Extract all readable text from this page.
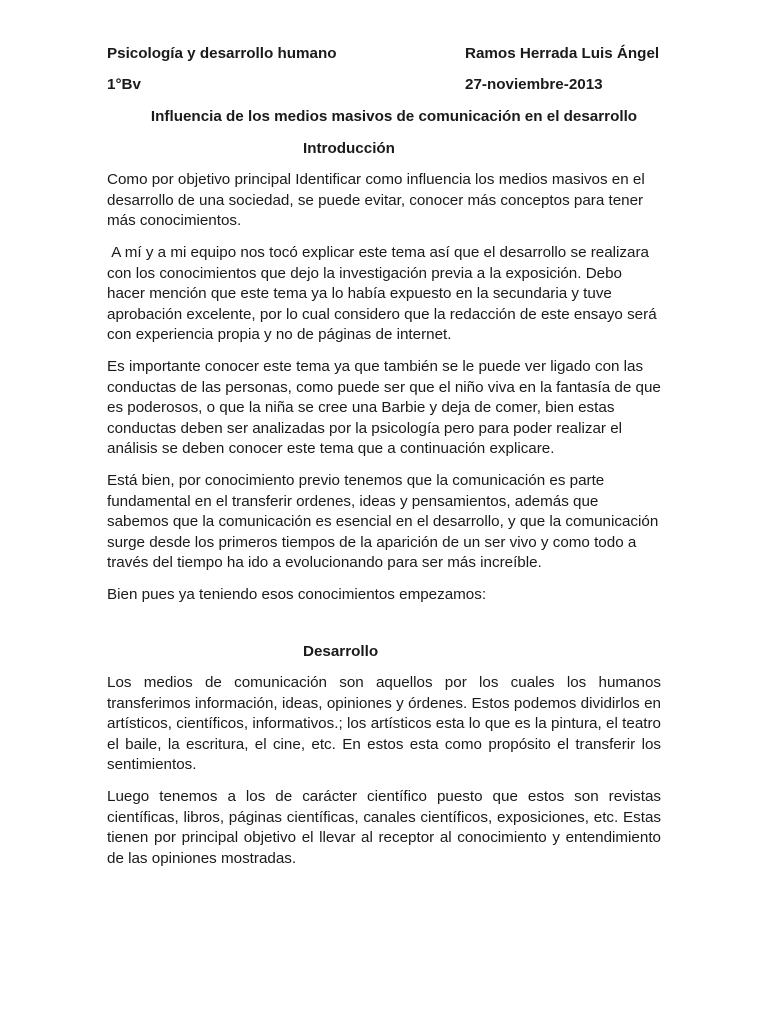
Psicología y desarrollo humano	Ramos Herrada Luis Ángel
1°Bv	27-noviembre-2013
Influencia de los medios masivos de comunicación en el desarrollo
Introducción

Como por objetivo principal Identificar como influencia los medios masivos en el desarrollo de una sociedad, se puede evitar, conocer más conceptos para tener más conocimientos.

A mí y a mi equipo nos tocó explicar este tema así que el desarrollo se realizara con los conocimientos que dejo la investigación previa a la exposición. Debo hacer mención que este tema ya lo había expuesto en la secundaria y tuve aprobación excelente, por lo cual considero que la redacción de este ensayo será con experiencia propia y no de páginas de internet.

Es importante conocer este tema ya que también se le puede ver ligado con las conductas de las personas, como puede ser que el niño viva en la fantasía de que es poderosos, o que la niña se cree una Barbie y deja de comer, bien estas conductas deben ser analizadas por la psicología pero para poder realizar el análisis se deben conocer este tema que a continuación explicare.

Está bien, por conocimiento previo tenemos que la comunicación es parte fundamental en el transferir ordenes, ideas y pensamientos, además que sabemos que la comunicación es esencial en el desarrollo, y que la comunicación surge desde los primeros tiempos de la aparición de un ser vivo y como todo a través del tiempo ha ido a evolucionando para ser más increíble.

Bien pues ya teniendo esos conocimientos empezamos:

Desarrollo

Los medios de comunicación son aquellos por los cuales los humanos transferimos información, ideas, opiniones y órdenes. Estos podemos dividirlos en artísticos, científicos, informativos.; los artísticos esta lo que es la pintura, el teatro el baile, la escritura, el cine, etc. En estos esta como propósito el transferir los sentimientos.

Luego tenemos a los de carácter científico puesto que estos son revistas científicas, libros, páginas científicas, canales científicos, exposiciones, etc. Estas tienen por principal objetivo el llevar al receptor al conocimiento y entendimiento de las opiniones mostradas.
